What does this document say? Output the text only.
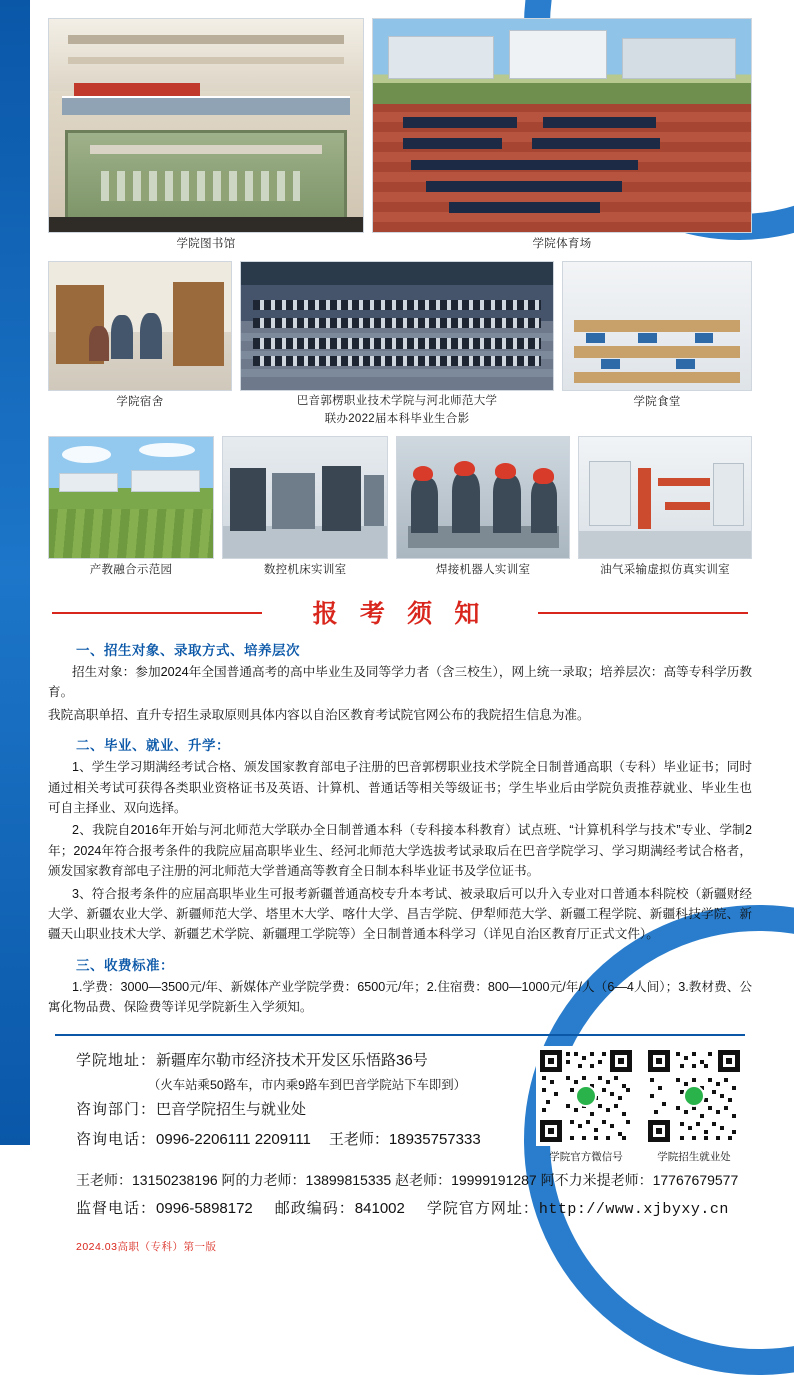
学院图书馆	学院体育场
学院宿舍	巴音郭楞职业技术学院与河北师范大学
联办2022届本科毕业生合影
学院食堂
产教融合示范园	数控机床实训室	焊接机器人实训室	油气采输虚拟仿真实训室
报 考 须 知
一、招生对象、录取方式、培养层次

招生对象：参加2024年全国普通高考的高中毕业生及同等学力者（含三校生），网上统一录取；培养层次：高等专科学历教育。

我院高职单招、直升专招生录取原则具体内容以自治区教育考试院官网公布的我院招生信息为准。

二、毕业、就业、升学：

1、学生学习期满经考试合格、颁发国家教育部电子注册的巴音郭楞职业技术学院全日制普通高职（专科）毕业证书；同时通过相关考试可获得各类职业资格证书及英语、计算机、普通话等相关等级证书；学生毕业后由学院负责推荐就业、毕业生也可自主择业、双向选择。

2、我院自2016年开始与河北师范大学联办全日制普通本科（专科接本科教育）试点班、“计算机科学与技术”专业、学制2年；2024年符合报考条件的我院应届高职毕业生、经河北师范大学选拔考试录取后在巴音学院学习、学习期满经考试合格者，颁发国家教育部电子注册的河北师范大学普通高等教育全日制本科毕业证书及学位证书。

3、符合报考条件的应届高职毕业生可报考新疆普通高校专升本考试、被录取后可以升入专业对口普通本科院校（新疆财经大学、新疆农业大学、新疆师范大学、塔里木大学、喀什大学、昌吉学院、伊犁师范大学、新疆工程学院、新疆科技学院、新疆天山职业技术大学、新疆艺术学院、新疆理工学院等）全日制普通本科学习（详见自治区教育厅正式文件）。

三、收费标准：

1.学费：3000—3500元/年、新媒体产业学院学费：6500元/年；2.住宿费：800—1000元/年/人（6—4人间）；3.教材费、公寓化物品费、保险费等详见学院新生入学须知。

学院地址：新疆库尔勒市经济技术开发区乐悟路36号
（火车站乘50路车，市内乘9路车到巴音学院站下车即到）
咨询部门：巴音学院招生与就业处
咨询电话：0996-2206111 2209111 王老师：18935757333
学院官方微信号	学院招生就业处
王老师：13150238196 阿的力老师：13899815335 赵老师：19999191287 阿不力米提老师：17767679577
监督电话：0996-5898172 邮政编码：841002 学院官方网址：http://www.xjbyxy.cn
2024.03高职（专科）第一版
